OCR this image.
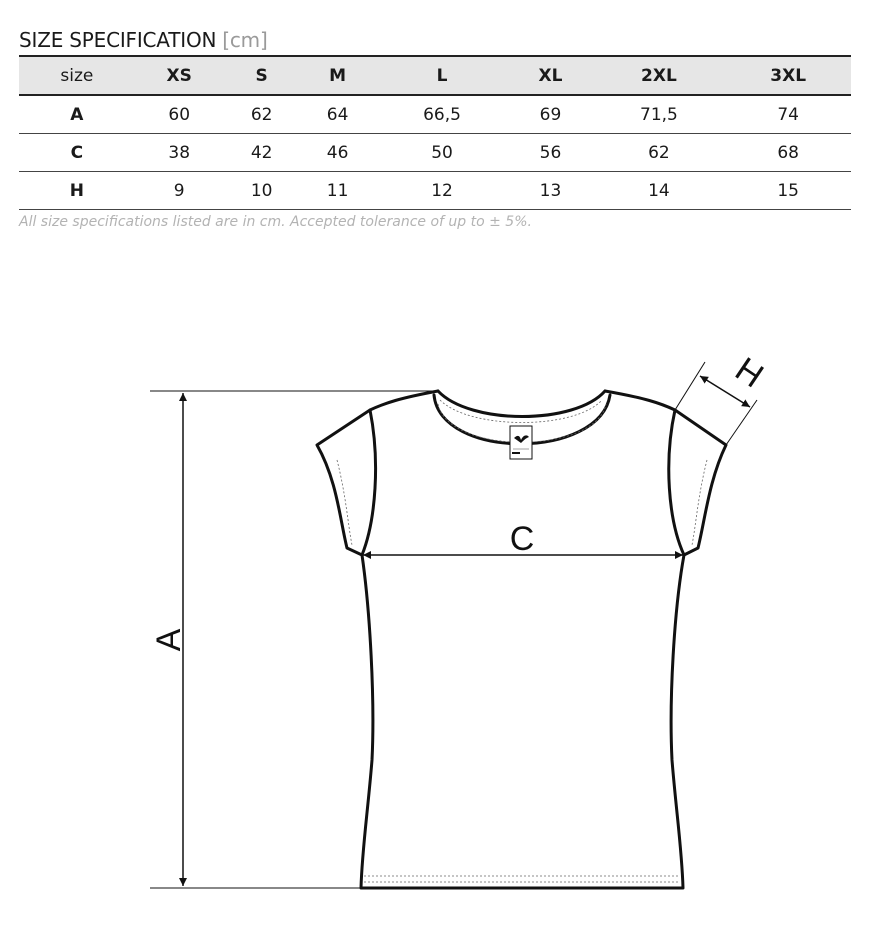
SIZE SPECIFICATION [cm]
size	XS	S	M	L	XL	2XL	3XL
A	60	62	64	66,5	69	71,5	74
C	38	42	46	50	56	62	68
H	9	10	11	12	13	14	15
All size specifications listed are in cm. Accepted tolerance of up to ± 5%.
A
C
H
